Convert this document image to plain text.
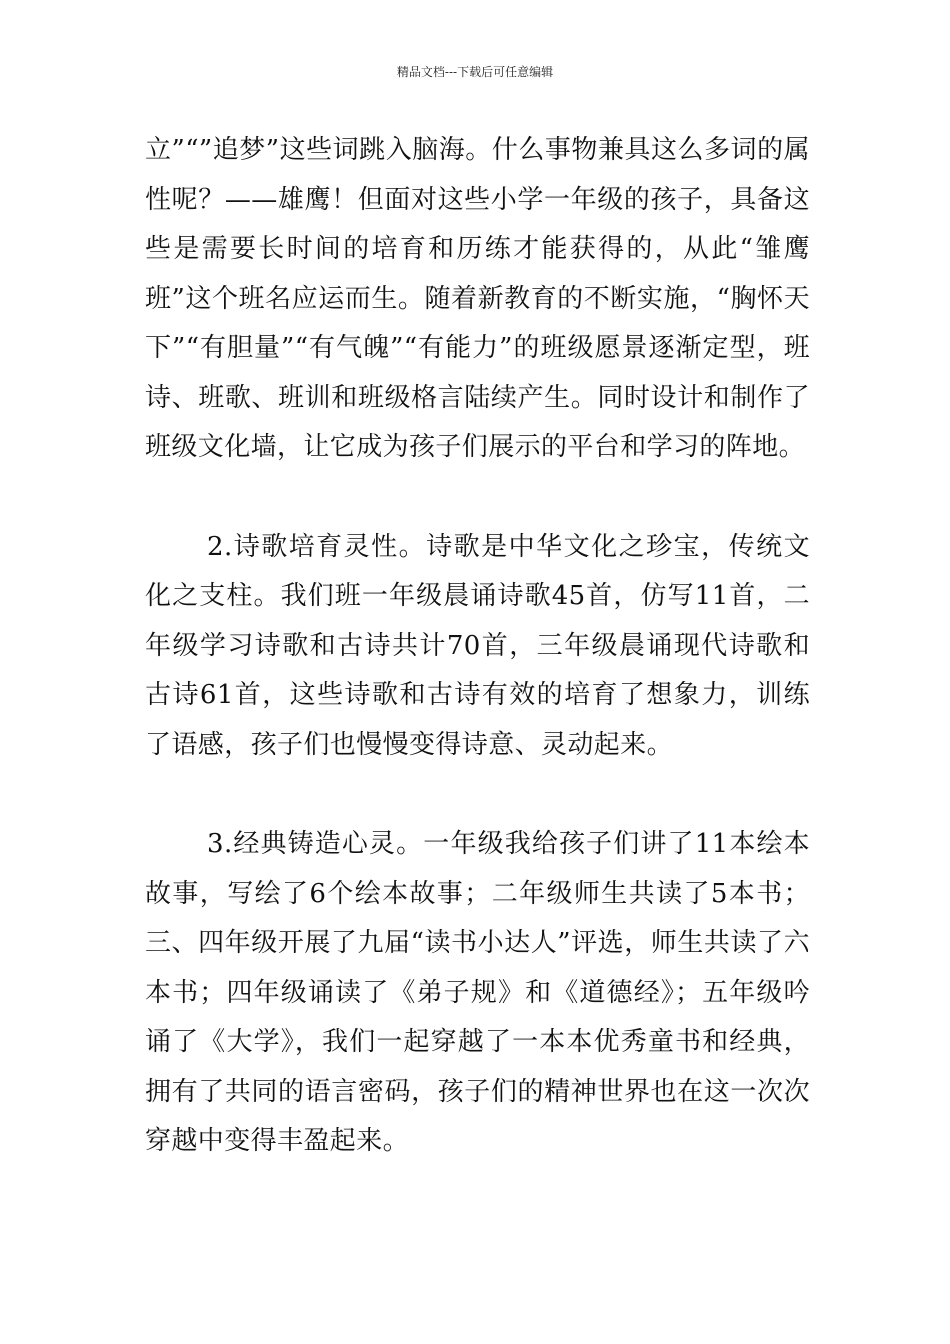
精品文档---下载后可任意编辑

立”“”追梦”这些词跳入脑海。什么事物兼具这么多词的属性呢？——雄鹰！但面对这些小学一年级的孩子，具备这些是需要长时间的培育和历练才能获得的，从此“雏鹰班”这个班名应运而生。随着新教育的不断实施，“胸怀天下”“有胆量”“有气魄”“有能力”的班级愿景逐渐定型，班诗、班歌、班训和班级格言陆续产生。同时设计和制作了班级文化墙，让它成为孩子们展示的平台和学习的阵地。

2.诗歌培育灵性。诗歌是中华文化之珍宝，传统文化之支柱。我们班一年级晨诵诗歌45首，仿写11首，二年级学习诗歌和古诗共计70首，三年级晨诵现代诗歌和古诗61首，这些诗歌和古诗有效的培育了想象力，训练了语感，孩子们也慢慢变得诗意、灵动起来。

3.经典铸造心灵。一年级我给孩子们讲了11本绘本故事，写绘了6个绘本故事；二年级师生共读了5本书；三、四年级开展了九届“读书小达人”评选，师生共读了六本书；四年级诵读了《弟子规》和《道德经》；五年级吟诵了《大学》，我们一起穿越了一本本优秀童书和经典，拥有了共同的语言密码，孩子们的精神世界也在这一次次穿越中变得丰盈起来。
